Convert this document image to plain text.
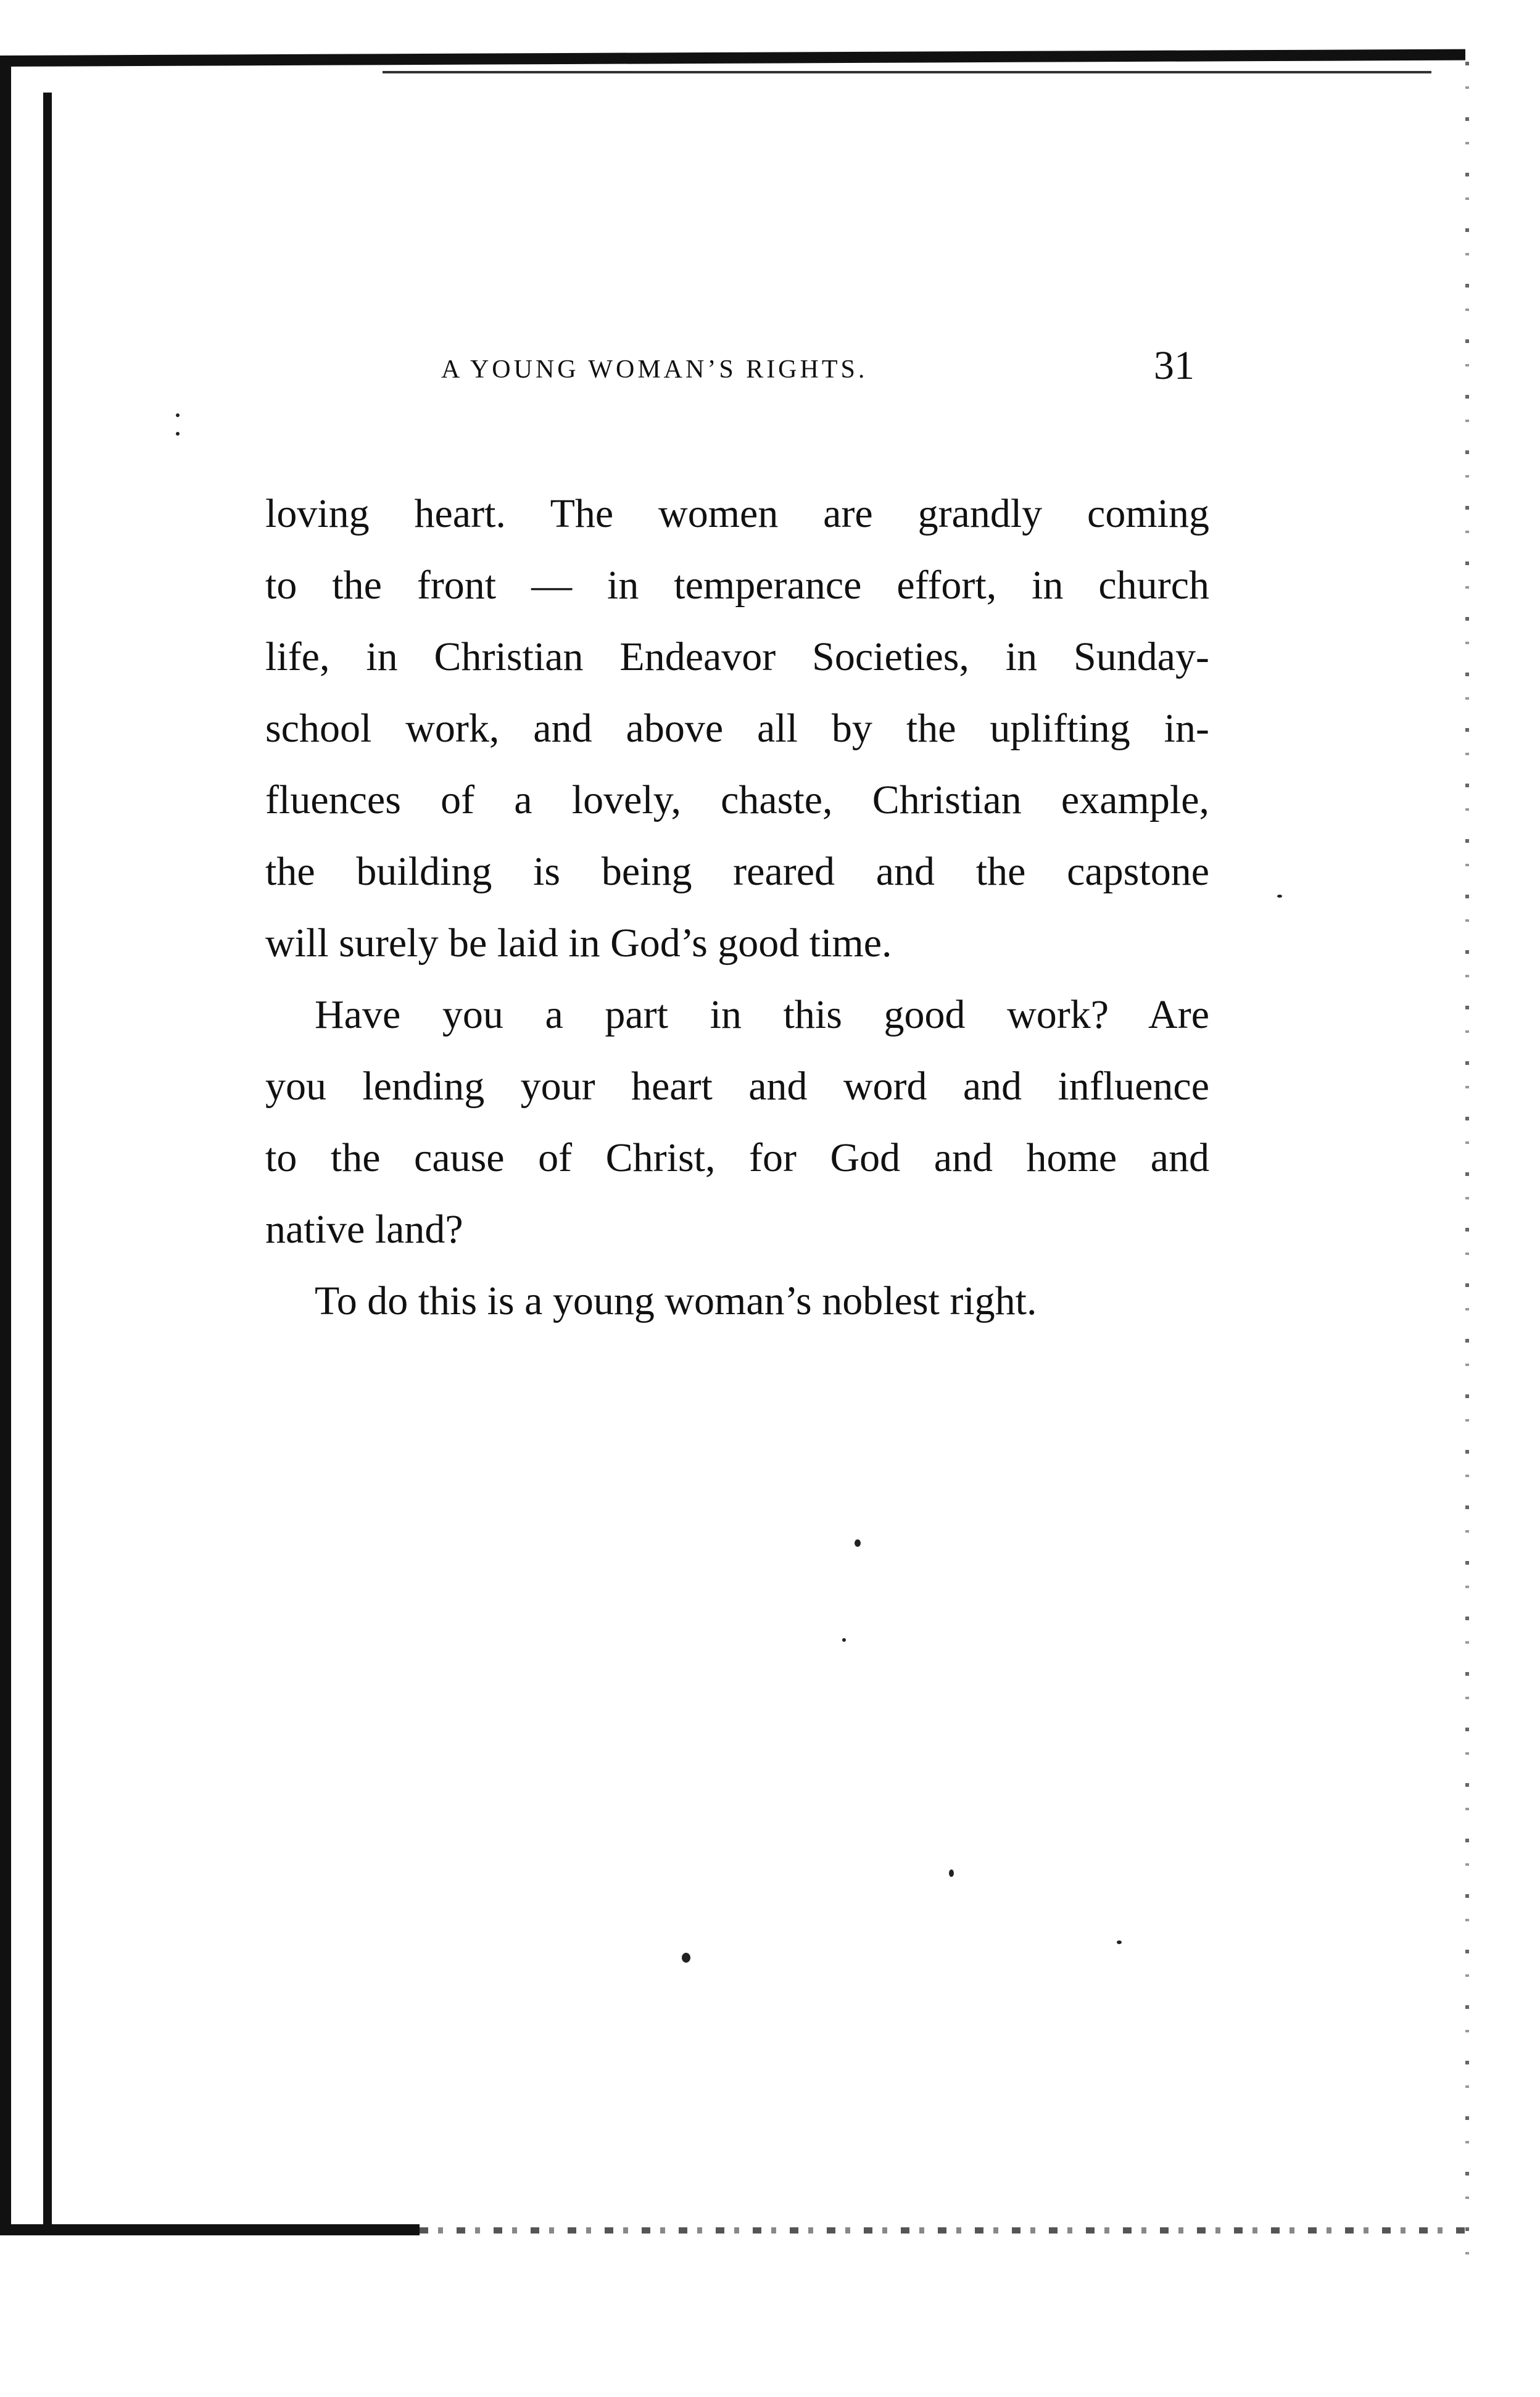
A YOUNG WOMAN’S RIGHTS.	31
loving heart. The women are grandly coming
to the front — in temperance effort, in church
life, in Christian Endeavor Societies, in Sunday-
school work, and above all by the uplifting in-
fluences of a lovely, chaste, Christian example,
the building is being reared and the capstone
will surely be laid in God’s good time.
Have you a part in this good work? Are
you lending your heart and word and influence
to the cause of Christ, for God and home and
native land?
To do this is a young woman’s noblest right.
